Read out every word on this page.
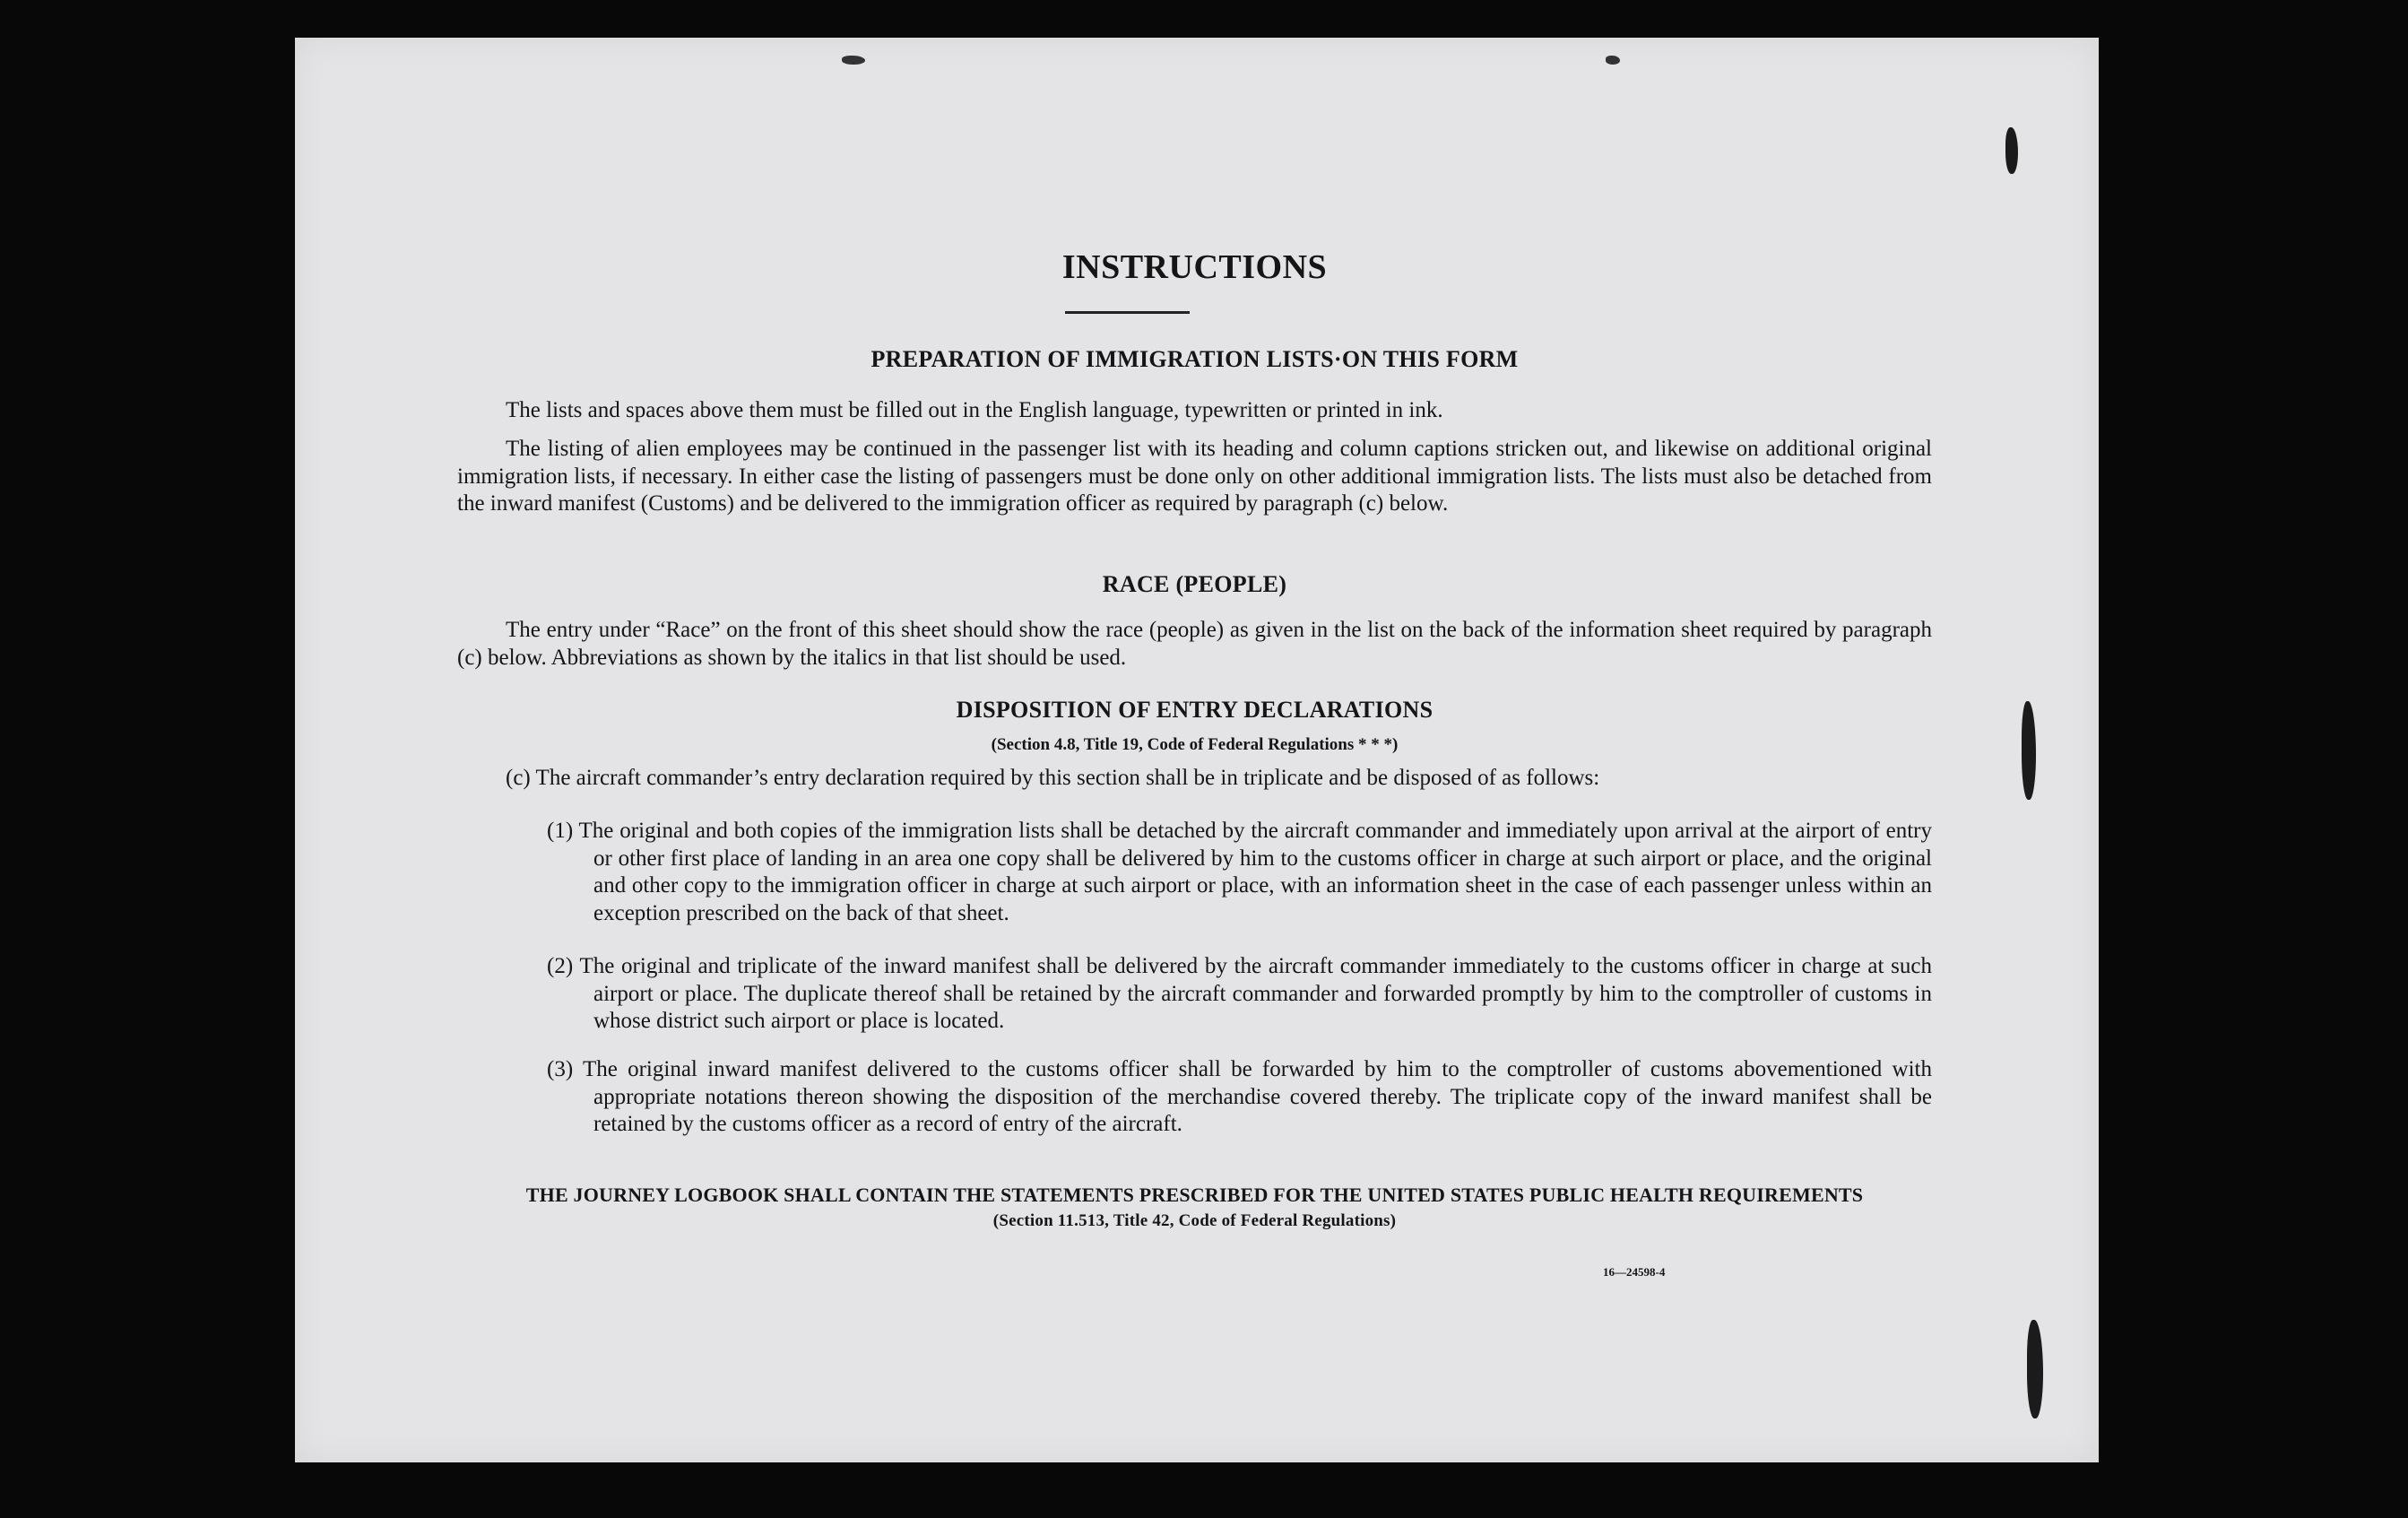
INSTRUCTIONS
PREPARATION OF IMMIGRATION LISTS·ON THIS FORM
The lists and spaces above them must be filled out in the English language, typewritten or printed in ink.
The listing of alien employees may be continued in the passenger list with its heading and column captions stricken out, and likewise on additional original immigration lists, if necessary. In either case the listing of passengers must be done only on other additional immigration lists. The lists must also be detached from the inward manifest (Customs) and be delivered to the immigration officer as required by paragraph (c) below.
RACE (PEOPLE)
The entry under “Race” on the front of this sheet should show the race (people) as given in the list on the back of the information sheet required by paragraph (c) below. Abbreviations as shown by the italics in that list should be used.
DISPOSITION OF ENTRY DECLARATIONS
(Section 4.8, Title 19, Code of Federal Regulations * * *)
(c) The aircraft commander’s entry declaration required by this section shall be in triplicate and be disposed of as follows:
(1) The original and both copies of the immigration lists shall be detached by the aircraft commander and immediately upon arrival at the airport of entry or other first place of landing in an area one copy shall be delivered by him to the customs officer in charge at such airport or place, and the original and other copy to the immigration officer in charge at such airport or place, with an information sheet in the case of each passenger unless within an exception prescribed on the back of that sheet.
(2) The original and triplicate of the inward manifest shall be delivered by the aircraft commander immediately to the customs officer in charge at such airport or place. The duplicate thereof shall be retained by the aircraft commander and forwarded promptly by him to the comptroller of customs in whose district such airport or place is located.
(3) The original inward manifest delivered to the customs officer shall be forwarded by him to the comptroller of customs abovementioned with appropriate notations thereon showing the disposition of the merchandise covered thereby. The triplicate copy of the inward manifest shall be retained by the customs officer as a record of entry of the aircraft.
THE JOURNEY LOGBOOK SHALL CONTAIN THE STATEMENTS PRESCRIBED FOR THE UNITED STATES PUBLIC HEALTH REQUIREMENTS
(Section 11.513, Title 42, Code of Federal Regulations)
16—24598-4
